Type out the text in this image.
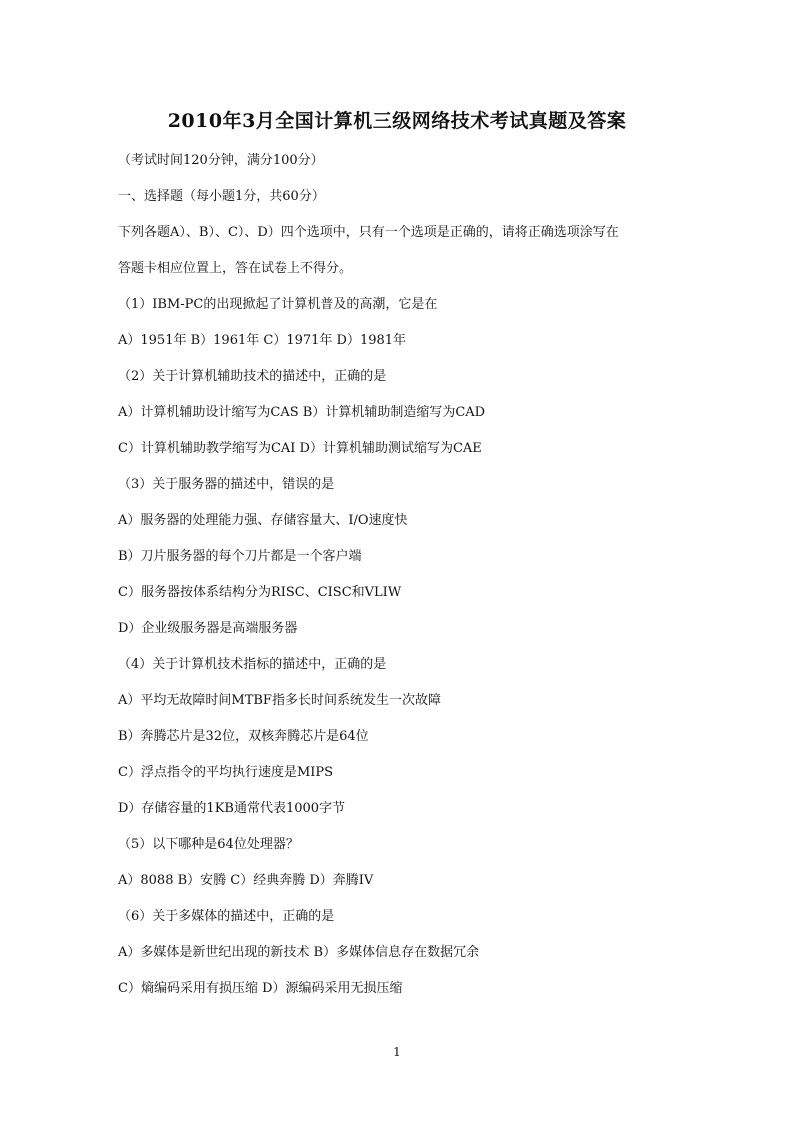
2010年3月全国计算机三级网络技术考试真题及答案
（考试时间120分钟，满分100分）
一、选择题（每小题1分，共60分）
下列各题A）、B）、C）、D）四个选项中，只有一个选项是正确的，请将正确选项涂写在
答题卡相应位置上，答在试卷上不得分。
（1）IBM-PC的出现掀起了计算机普及的高潮，它是在
A）1951年 B）1961年 C）1971年 D）1981年
（2）关于计算机辅助技术的描述中，正确的是
A）计算机辅助设计缩写为CAS B）计算机辅助制造缩写为CAD
C）计算机辅助教学缩写为CAI D）计算机辅助测试缩写为CAE
（3）关于服务器的描述中，错误的是
A）服务器的处理能力强、存储容量大、I/O速度快
B）刀片服务器的每个刀片都是一个客户端
C）服务器按体系结构分为RISC、CISC和VLIW
D）企业级服务器是高端服务器
（4）关于计算机技术指标的描述中，正确的是
A）平均无故障时间MTBF指多长时间系统发生一次故障
B）奔腾芯片是32位，双核奔腾芯片是64位
C）浮点指令的平均执行速度是MIPS
D）存储容量的1KB通常代表1000字节
（5）以下哪种是64位处理器？
A）8088 B）安腾 C）经典奔腾 D）奔腾IV
（6）关于多媒体的描述中，正确的是
A）多媒体是新世纪出现的新技术 B）多媒体信息存在数据冗余
C）熵编码采用有损压缩 D）源编码采用无损压缩
1
